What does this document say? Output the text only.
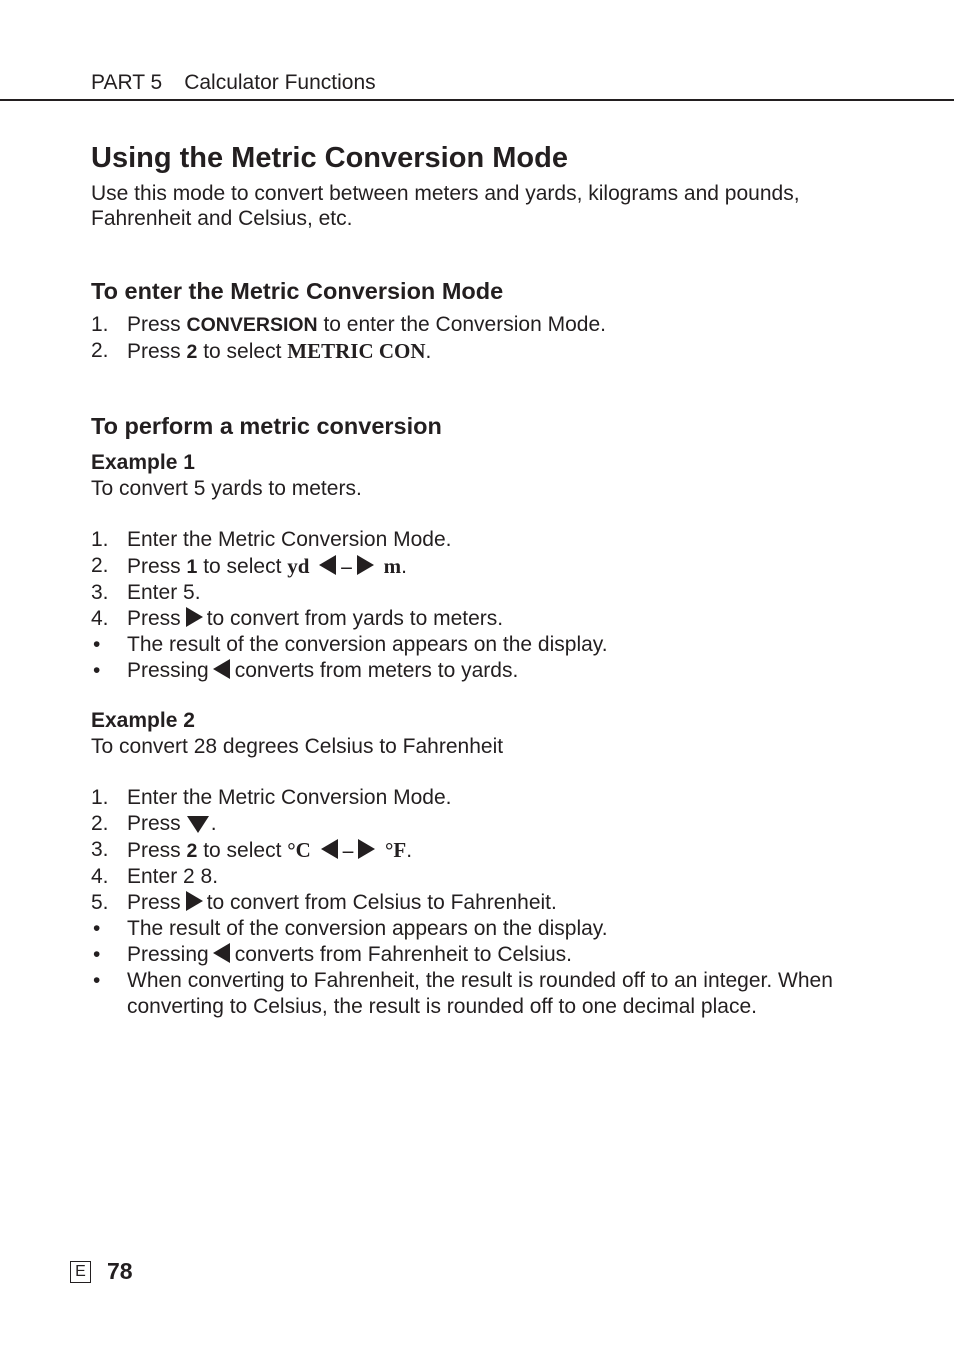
PART 5 Calculator Functions
Using the Metric Conversion Mode

Use this mode to convert between meters and yards, kilograms and pounds, Fahrenheit and Celsius, etc.

To enter the Metric Conversion Mode
1. Press CONVERSION to enter the Conversion Mode.
2. Press 2 to select METRIC CON.
To perform a metric conversion
Example 1

To convert 5 yards to meters.

1. Enter the Metric Conversion Mode.
2. Press 1 to select yd – m.
3. Enter 5.
4. Press to convert from yards to meters.
• The result of the conversion appears on the display.
• Pressing converts from meters to yards.
Example 2

To convert 28 degrees Celsius to Fahrenheit

1. Enter the Metric Conversion Mode.
2. Press .
3. Press 2 to select °C – °F.
4. Enter 2 8.
5. Press to convert from Celsius to Fahrenheit.
• The result of the conversion appears on the display.
• Pressing converts from Fahrenheit to Celsius.
• When converting to Fahrenheit, the result is rounded off to an integer. When converting to Celsius, the result is rounded off to one decimal place.
E 78
